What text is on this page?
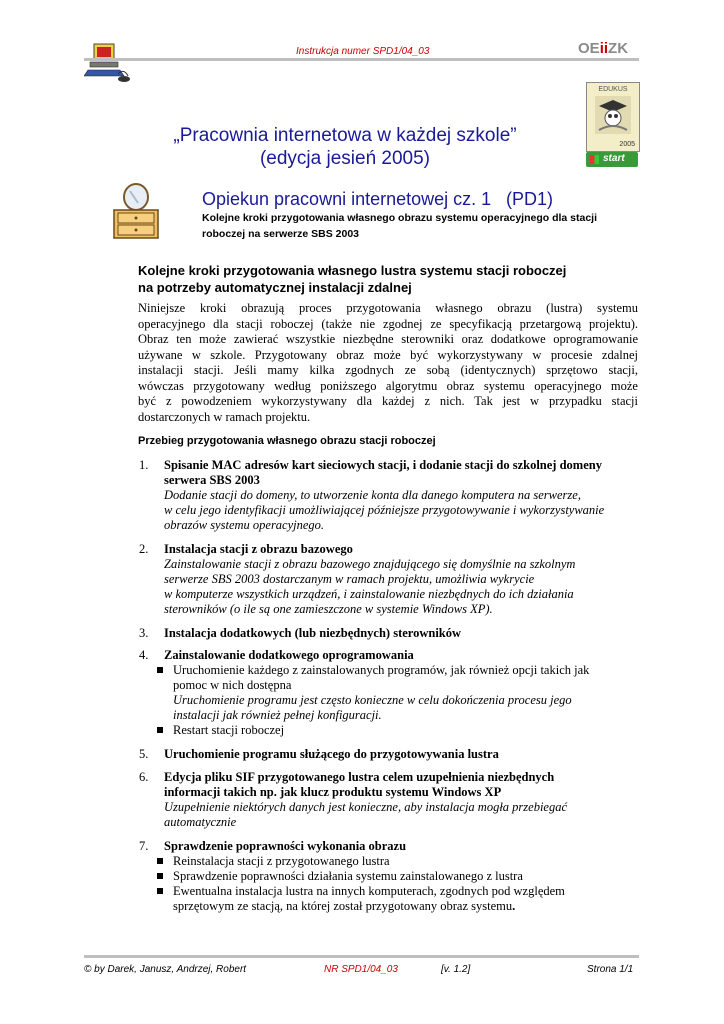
Instrukcja numer SPD1/04_03	OEiiZK
EDUKUS
2005
start
„Pracownia internetowa w każdej szkole”
(edycja jesień 2005)
Opiekun pracowni internetowej cz. 1 (PD1)
Kolejne kroki przygotowania własnego obrazu systemu operacyjnego dla stacji
roboczej na serwerze SBS 2003
Kolejne kroki przygotowania własnego lustra systemu stacji roboczej
na potrzeby automatycznej instalacji zdalnej
Niniejsze kroki obrazują proces przygotowania własnego obrazu (lustra) systemu
operacyjnego dla stacji roboczej (także nie zgodnej ze specyfikacją przetargową projektu).
Obraz ten może zawierać wszystkie niezbędne sterowniki oraz dodatkowe oprogramowanie
używane w szkole. Przygotowany obraz może być wykorzystywany w procesie zdalnej
instalacji stacji. Jeśli mamy kilka zgodnych ze sobą (identycznych) sprzętowo stacji,
wówczas przygotowany według poniższego algorytmu obraz systemu operacyjnego może
być z powodzeniem wykorzystywany dla każdej z nich. Tak jest w przypadku stacji
dostarczonych w ramach projektu.
Przebieg przygotowania własnego obrazu stacji roboczej
1. Spisanie MAC adresów kart sieciowych stacji, i dodanie stacji do szkolnej domeny
serwera SBS 2003
Dodanie stacji do domeny, to utworzenie konta dla danego komputera na serwerze,
w celu jego identyfikacji umożliwiającej późniejsze przygotowywanie i wykorzystywanie
obrazów systemu operacyjnego.
2. Instalacja stacji z obrazu bazowego
Zainstalowanie stacji z obrazu bazowego znajdującego się domyślnie na szkolnym
serwerze SBS 2003 dostarczanym w ramach projektu, umożliwia wykrycie
w komputerze wszystkich urządzeń, i zainstalowanie niezbędnych do ich działania
sterowników (o ile są one zamieszczone w systemie Windows XP).
3. Instalacja dodatkowych (lub niezbędnych) sterowników
4. Zainstalowanie dodatkowego oprogramowania
Uruchomienie każdego z zainstalowanych programów, jak również opcji takich jak
pomoc w nich dostępna
Uruchomienie programu jest często konieczne w celu dokończenia procesu jego
instalacji jak również pełnej konfiguracji.
Restart stacji roboczej
5. Uruchomienie programu służącego do przygotowywania lustra
6. Edycja pliku SIF przygotowanego lustra celem uzupełnienia niezbędnych
informacji takich np. jak klucz produktu systemu Windows XP
Uzupełnienie niektórych danych jest konieczne, aby instalacja mogła przebiegać
automatycznie
7. Sprawdzenie poprawności wykonania obrazu
Reinstalacja stacji z przygotowanego lustra
Sprawdzenie poprawności działania systemu zainstalowanego z lustra
Ewentualna instalacja lustra na innych komputerach, zgodnych pod względem
sprzętowym ze stacją, na której został przygotowany obraz systemu.
© by Darek, Janusz, Andrzej, Robert	NR SPD1/04_03	[v. 1.2]	Strona 1/1
